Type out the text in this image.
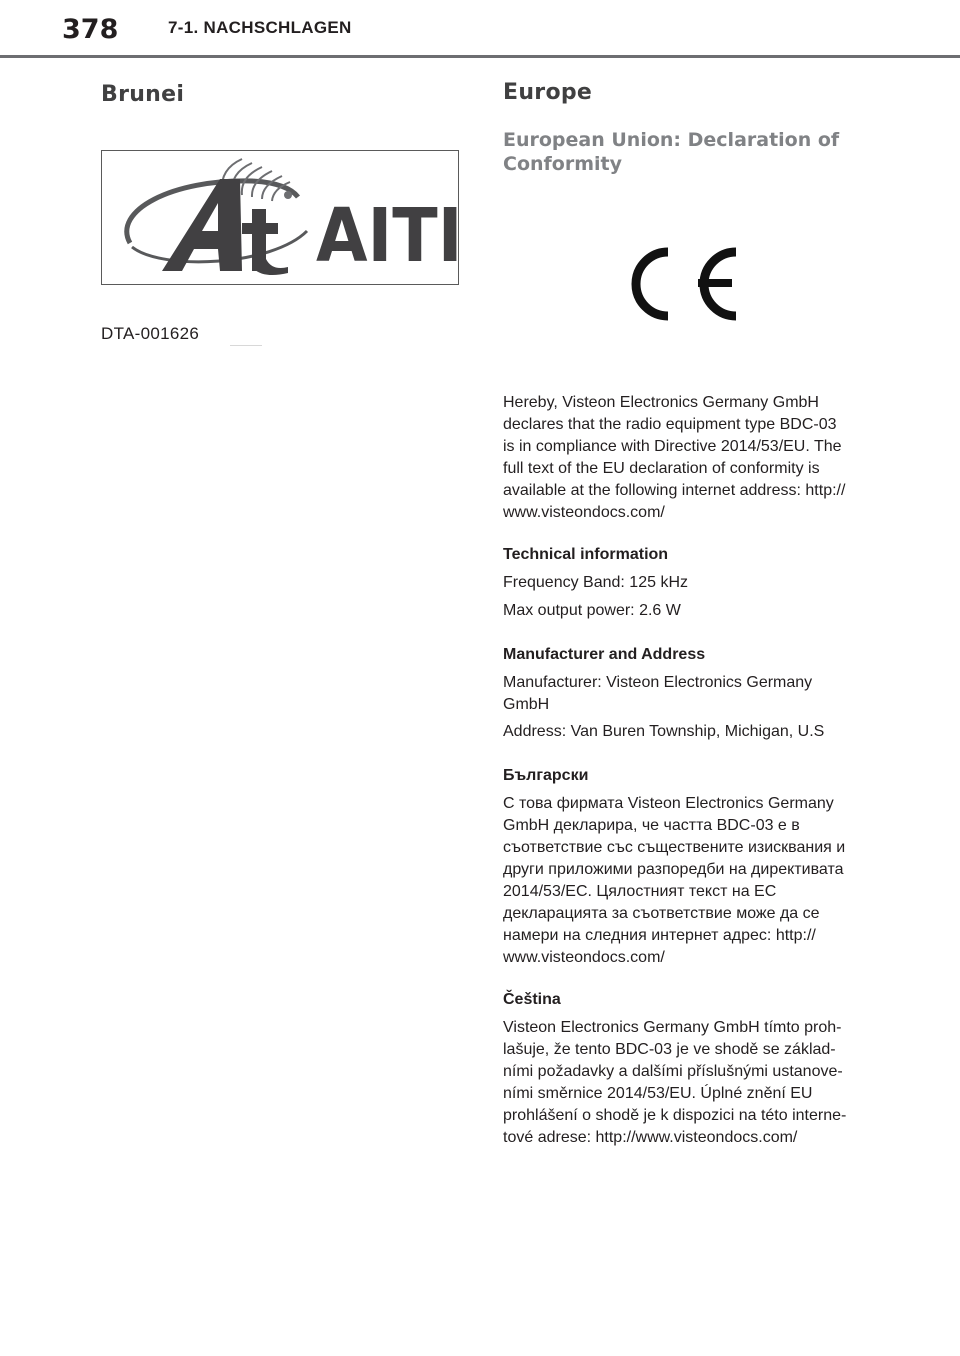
378	7-1. NACHSCHLAGEN
Brunei
AITI
DTA-001626
Europe
European Union: Declaration of
Conformity
Hereby, Visteon Electronics Germany GmbH
declares that the radio equipment type BDC-03
is in compliance with Directive 2014/53/EU. The
full text of the EU declaration of conformity is
available at the following internet address: http://
www.visteondocs.com/
Technical information
Frequency Band: 125 kHz
Max output power: 2.6 W
Manufacturer and Address
Manufacturer: Visteon Electronics Germany
GmbH
Address: Van Buren Township, Michigan, U.S
Български
С това фирмата Visteon Electronics Germany
GmbH декларира, че частта BDC-03 е в
съответствие със съществените изисквания и
други приложими разпоредби на директивата
2014/53/EC. Цялостният текст на EC
декларацията за съответствие може да се
намери на следния интернет адрес: http://
www.visteondocs.com/
Čeština
Visteon Electronics Germany GmbH tímto proh-
lašuje, že tento BDC-03 je ve shodě se základ-
ními požadavky a dalšími příslušnými ustanove-
ními směrnice 2014/53/EU. Úplné znění EU
prohlášení o shodě je k dispozici na této interne-
tové adrese: http://www.visteondocs.com/
